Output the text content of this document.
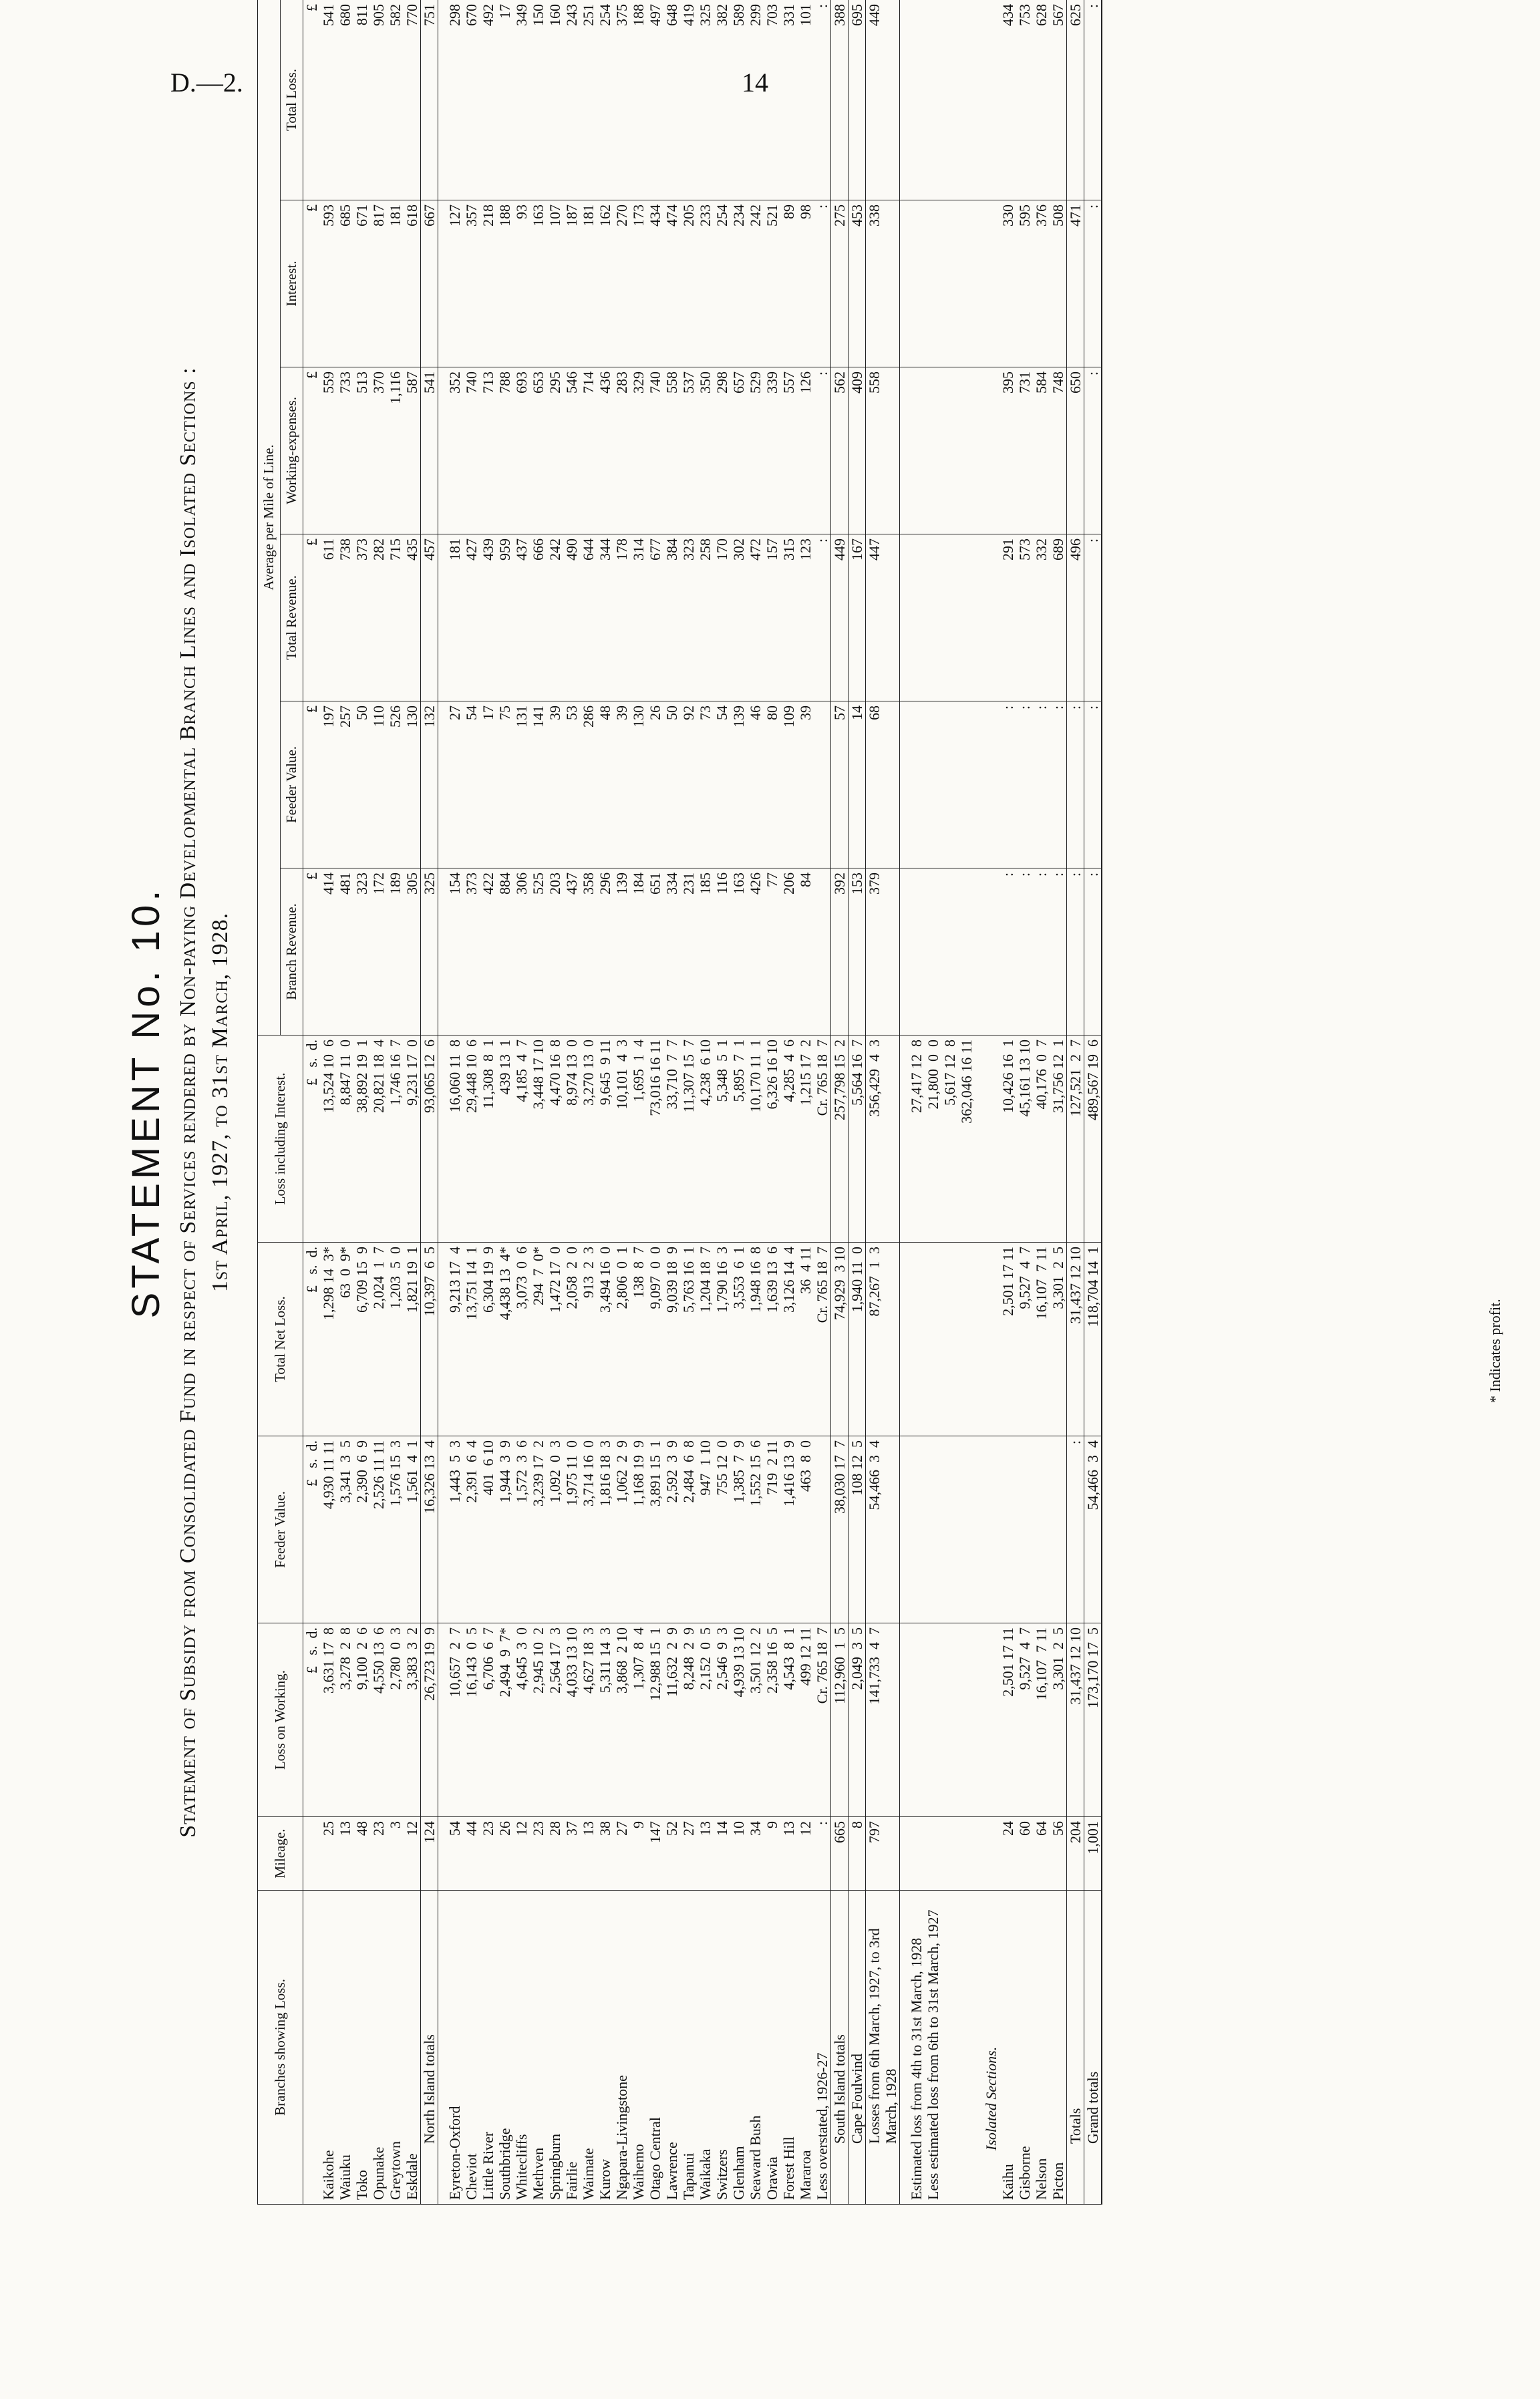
D.—2.	14
STATEMENT No. 10. Statement of Subsidy from Consolidated Fund in respect of Services rendered by Non-paying Developmental Branch Lines and Isolated Sections : 1st April, 1927, to 31st March, 1928.
Branches showing Loss.	Mileage.	Loss on Working.	Feeder Value.	Total Net Loss.	Loss including Interest.	Average per Mile of Line.					
						Branch Revenue.	Feeder Value.	Total Revenue.	Working-expenses.	Interest.	Total Loss.
		£   s.  d.	£   s.  d.	£   s.  d.	£   s.  d.	£	£	£	£	£	£
Kaikohe	25	3,631 17  8	4,930 11 11	1,298 14  3*	13,524 10  6	414	197	611	559	593	541
Waiuku	13	3,278  2  8	3,341  3  5	63  0  9*	8,847 11  0	481	257	738	733	685	680
Toko	48	9,100  2  6	2,390  6  9	6,709 15  9	38,892 19  1	323	50	373	513	671	811
Opunake	23	4,550 13  6	2,526 11 11	2,024  1  7	20,821 18  4	172	110	282	370	817	905
Greytown	3	2,780  0  3	1,576 15  3	1,203  5  0	1,746 16  7	189	526	715	1,116	181	582
Eskdale	12	3,383  3  2	1,561  4  1	1,821 19  1	9,231 17  0	305	130	435	587	618	770
North Island totals	124	26,723 19  9	16,326 13  4	10,397  6  5	93,065 12  6	325	132	457	541	667	751

Eyreton-Oxford	54	10,657  2  7	1,443  5  3	9,213 17  4	16,060 11  8	154	27	181	352	127	298
Cheviot	44	16,143  0  5	2,391  6  4	13,751 14  1	29,448 10  6	373	54	427	740	357	670
Little River	23	6,706  6  7	401  6 10	6,304 19  9	11,308  8  1	422	17	439	713	218	492
Southbridge	26	2,494  9  7*	1,944  3  9	4,438 13  4*	439 13  1	884	75	959	788	188	17
Whitecliffs	12	4,645  3  0	1,572  3  6	3,073  0  6	4,185  4  7	306	131	437	693	93	349
Methven	23	2,945 10  2	3,239 17  2	294  7  0*	3,448 17 10	525	141	666	653	163	150
Springburn	28	2,564 17  3	1,092  0  3	1,472 17  0	4,470 16  8	203	39	242	295	107	160
Fairlie	37	4,033 13 10	1,975 11  0	2,058  2  0	8,974 13  0	437	53	490	546	187	243
Waimate	13	4,627 18  3	3,714 16  0	913  2  3	3,270 13  0	358	286	644	714	181	251
Kurow	38	5,311 14  3	1,816 18  3	3,494 16  0	9,645  9 11	296	48	344	436	162	254
Ngapara-Livingstone	27	3,868  2 10	1,062  2  9	2,806  0  1	10,101  4  3	139	39	178	283	270	375
Waihemo	9	1,307  8  4	1,168 19  9	138  8  7	1,695  1  4	184	130	314	329	173	188
Otago Central	147	12,988 15  1	3,891 15  1	9,097  0  0	73,016 16 11	651	26	677	740	434	497
Lawrence	52	11,632  2  9	2,592  3  9	9,039 18  9	33,710  7  7	334	50	384	558	474	648
Tapanui	27	8,248  2  9	2,484  6  8	5,763 16  1	11,307 15  7	231	92	323	537	205	419
Waikaka	13	2,152  0  5	947  1 10	1,204 18  7	4,238  6 10	185	73	258	350	233	325
Switzers	14	2,546  9  3	755 12  0	1,790 16  3	5,348  5  1	116	54	170	298	254	382
Glenham	10	4,939 13 10	1,385  7  9	3,553  6  1	5,895  7  1	163	139	302	657	234	589
Seaward Bush	34	3,501 12  2	1,552 15  6	1,948 16  8	10,170 11  1	426	46	472	529	242	299
Orawia	9	2,358 16  5	719  2 11	1,639 13  6	6,326 16 10	77	80	157	339	521	703
Forest Hill	13	4,543  8  1	1,416 13  9	3,126 14  4	4,285  4  6	206	109	315	557	89	331
Mararoa	12	499 12 11	463  8  0	36  4 11	1,215 17  2	84	39	123	126	98	101
Less overstated, 1926-27	:	Cr. 765 18  7		Cr. 765 18  7	Cr. 765 18  7			:	:	:	:
South Island totals	665	112,960  1  5	38,030 17  7	74,929  3 10	257,798 15  2	392	57	449	562	275	388
Cape Foulwind	8	2,049  3  5	108 12  5	1,940 11  0	5,564 16  7	153	14	167	409	453	695
Losses from 6th March, 1927, to 3rd March, 1928	797	141,733  4  7	54,466  3  4	87,267  1  3	356,429  4  3	379	68	447	558	338	449

Estimated loss from 4th to 31st March, 1928					27,417 12  8						
Less estimated loss from 6th to 31st March, 1927					21,800  0  0						
					5,617 12  8						
					362,046 16 11						

Isolated Sections.											
Kaihu	24	2,501 17 11		2,501 17 11	10,426 16  1	:	:	291	395	330	434
Gisborne	60	9,527  4  7		9,527  4  7	45,161 13 10	:	:	573	731	595	753
Nelson	64	16,107  7 11		16,107  7 11	40,176  0  7	:	:	332	584	376	628
Picton	56	3,301  2  5		3,301  2  5	31,756 12  1	:	:	689	748	508	567
Totals	204	31,437 12 10	:	31,437 12 10	127,521  2  7	:	:	496	650	471	625
Grand totals	1,001	173,170 17  5	54,466  3  4	118,704 14  1	489,567 19  6	:	:	:	:	:	:
* Indicates profit.
